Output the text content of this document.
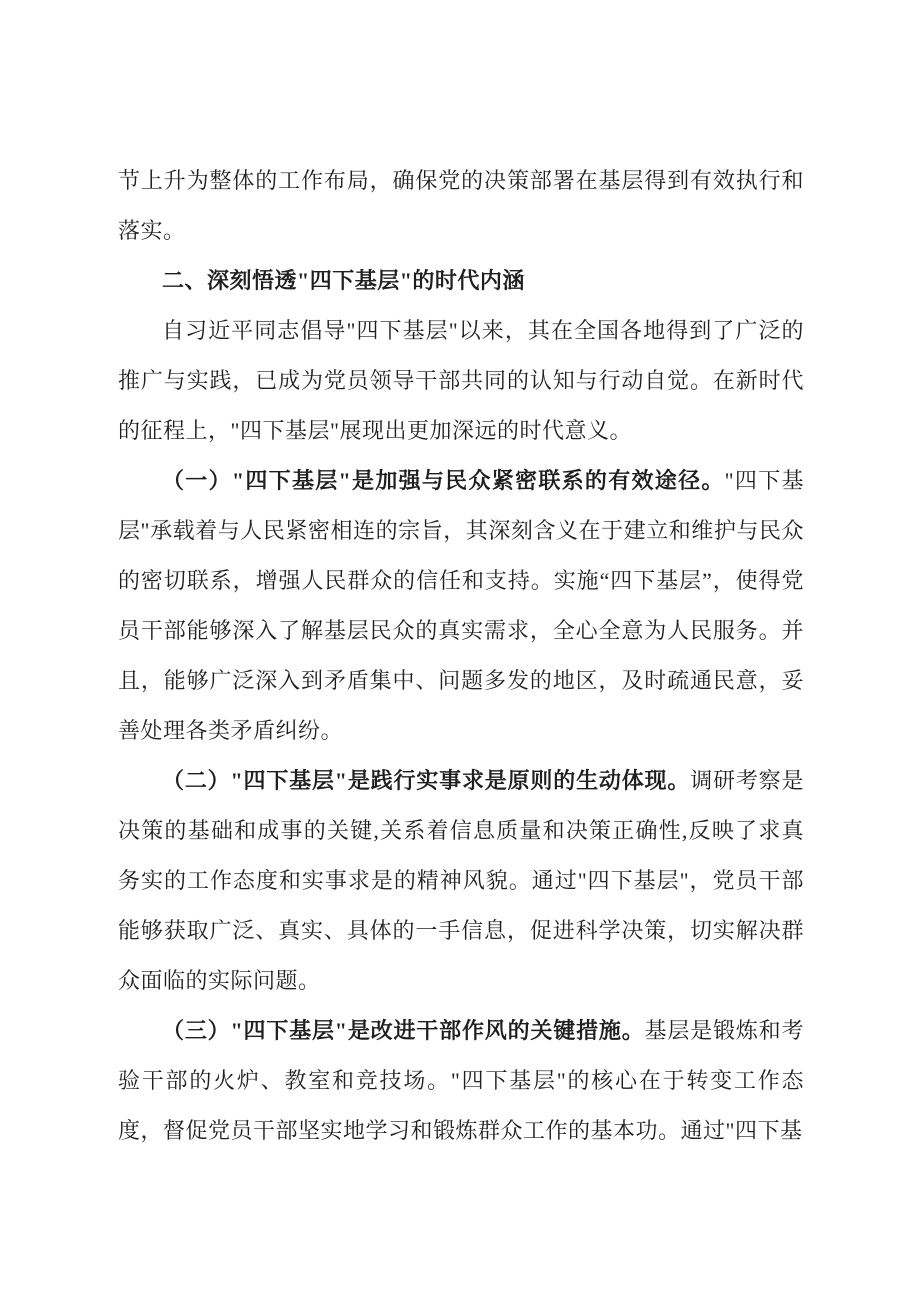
节上升为整体的工作布局，确保党的决策部署在基层得到有效执行和落实。

二、深刻悟透"四下基层"的时代内涵

自习近平同志倡导"四下基层"以来，其在全国各地得到了广泛的推广与实践，已成为党员领导干部共同的认知与行动自觉。在新时代的征程上，"四下基层"展现出更加深远的时代意义。

（一）"四下基层"是加强与民众紧密联系的有效途径。"四下基层"承载着与人民紧密相连的宗旨，其深刻含义在于建立和维护与民众的密切联系，增强人民群众的信任和支持。实施“四下基层”，使得党员干部能够深入了解基层民众的真实需求，全心全意为人民服务。并且，能够广泛深入到矛盾集中、问题多发的地区，及时疏通民意，妥善处理各类矛盾纠纷。

（二）"四下基层"是践行实事求是原则的生动体现。调研考察是决策的基础和成事的关键,关系着信息质量和决策正确性,反映了求真务实的工作态度和实事求是的精神风貌。通过"四下基层"，党员干部能够获取广泛、真实、具体的一手信息，促进科学决策，切实解决群众面临的实际问题。

（三）"四下基层"是改进干部作风的关键措施。基层是锻炼和考验干部的火炉、教室和竞技场。"四下基层"的核心在于转变工作态度，督促党员干部坚实地学习和锻炼群众工作的基本功。通过"四下基
